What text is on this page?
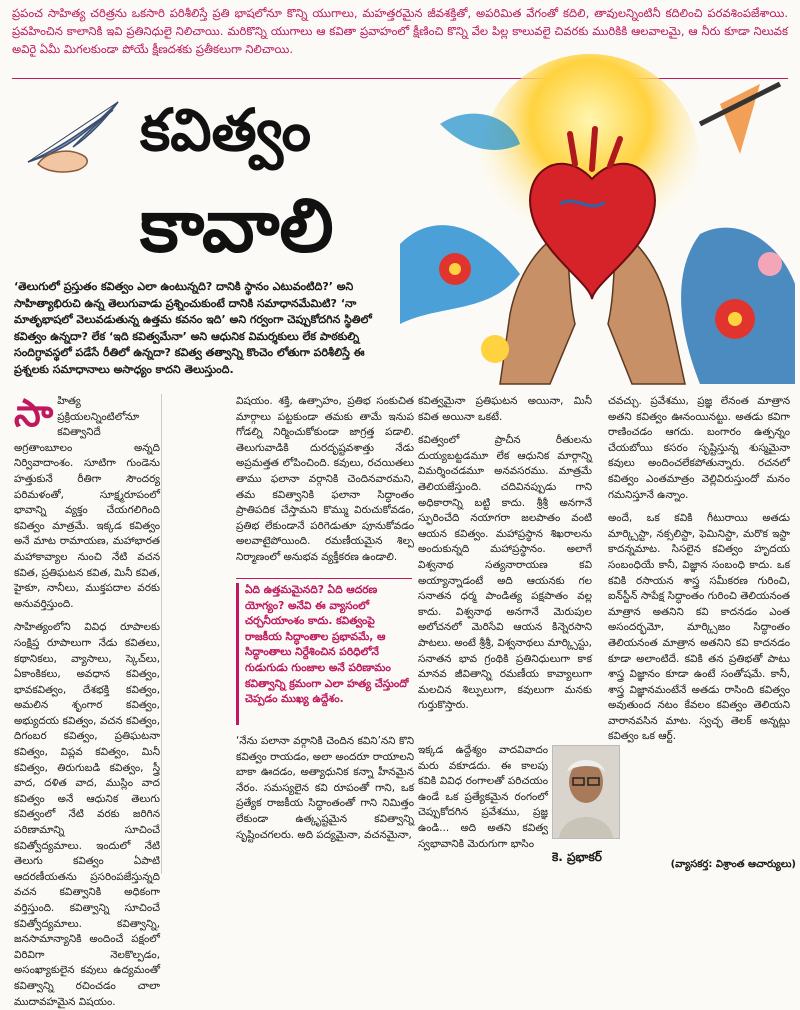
ప్రపంచ సాహిత్య చరిత్రను ఒకసారి పరిశీలిస్తే ప్రతి భాషలోనూ కొన్ని యుగాలు, మహత్తరమైన జీవశక్తితో, అపరిమిత వేగంతో కదిలి, తావులన్నింటినీ కదిలించి పరవశింపజేశాయి. ప్రవహించిన కాలానికి ఇవి ప్రతినిధులై నిలిచాయి. మరికొన్ని యుగాలు ఆ కవితా ప్రవాహంలో క్షీణించి కొన్ని వేల పిల్ల కాలువలై చివరకు మురికికి ఆలవాలమై, ఆ నీరు కూడా నిలువక అవిరై ఏమీ మిగలకుండా పోయే క్షీణదశకు ప్రతీకలుగా నిలిచాయి.
కవిత్వం
కావాలి
‘తెలుగులో ప్రస్తుతం కవిత్వం ఎలా ఉంటున్నది? దానికి స్థానం ఎటువంటిది?’ అని సాహిత్యాభిరుచి ఉన్న తెలుగువాడు ప్రశ్నించుకుంటే దానికి సమాధానమేమిటి? ‘నా మాతృభాషలో వెలువడుతున్న ఉత్తమ కవనం ఇది’ అని గర్వంగా చెప్పుకోదగిన స్థితిలో కవిత్వం ఉన్నదా? లేక ‘ఇది కవిత్వమేనా’ అని ఆధునిక విమర్శకులు లేక పాఠకుల్ని సందిగ్ధావస్థలో పడేసే రీతిలో ఉన్నదా? కవిత్వ తత్వాన్ని కొంచెం లోతుగా పరిశీలిస్తే ఈ ప్రశ్నలకు సమాధానాలు అసాధ్యం కాదని తెలుస్తుంది.

సాహిత్య ప్రక్రియలన్నింటిలోనూ కవిత్వానిదే అగ్రతాంబూలం అన్నది నిర్వివాదాంశం. సూటిగా గుండెను హత్తుకునే రీతిగా సౌందర్య పరిమళంతో, సూక్ష్మరూపంలో భావాన్ని వ్యక్తం చేయగలిగింది కవిత్వం మాత్రమే. ఇక్కడ కవిత్వం అనే మాట రామాయణ, మహాభారత మహాకావ్యాల నుంచి నేటి వచన కవిత, ప్రతిఘటన కవిత, మినీ కవిత, హైకూ, నానీలు, ముక్తపదాల వరకు అనువర్తిస్తుంది.

సాహిత్యంలోని వివిధ రూపాలకు సంక్షిప్త రూపాలుగా నేడు కవితలు, కథానికలు, వ్యాసాలు, స్కెచ్‌లు, ఏకాంకికలు, అవధాన కవిత్వం, భావకవిత్వం, దేశభక్తి కవిత్వం, అమలిన శృంగార కవిత్వం, అభ్యుదయ కవిత్వం, వచన కవిత్వం, దిగంబర కవిత్వం, ప్రతిఘటనా కవిత్వం, విప్లవ కవిత్వం, మినీ కవిత్వం, తిరుగుబడి కవిత్వం, స్త్రీ వాద, దళిత వాద, ముస్లిం వాద కవిత్వం అనే ఆధునిక తెలుగు కవిత్వంలో నేటి వరకు జరిగిన పరిణామాన్ని సూచించే కవిత్వోద్యమాలు. ఇందులో నేటి తెలుగు కవిత్వం ఏపాటి ఆదరణీయతను ప్రసరింపజేస్తున్నది వచన కవిత్వానికి అధికంగా వర్తిస్తుంది. కవిత్వాన్ని సూచించే కవిత్వోద్యమాలు. కవిత్వాన్ని, జనసామాన్యానికి అందించే పక్షంలో విరివిగా నెలకొల్పడం, అసంఖ్యాకులైన కవులు ఉద్యమంతో కవిత్వాన్ని రచించడం చాలా ముదావహమైన విషయం.

విషయం. శక్తి, ఉత్సాహం, ప్రతిభ సంకుచిత మార్గాలు పట్టకుండా తమకు తామే ఇనుప గోడల్ని నిర్మించుకోకుండా జాగ్రత్త పడాలి. తెలుగువాడికి దురదృష్టవశాత్తు నేడు అప్రమత్తత లోపించింది. కవులు, రచయితలు తాము ఫలానా వర్గానికి చెందినవారమని, తమ కవిత్వానికి ఫలానా సిద్ధాంతం ప్రాతిపదిక చేస్తామని కొమ్ము విరుచుకోవడం, ప్రతిభ లేకుండానే పరిగెడుతూ పూనుకోవడం అలవాటైపోయింది. రమణీయమైన శిల్ప నిర్మాణంలో అనుభవ వ్యక్తీకరణ ఉండాలి.

ఏది ఉత్తమమైనది? ఏది ఆదరణ యోగ్యం? అనేవి ఈ వ్యాసంలో చర్చనీయాంశం కాదు. కవిత్వంపై రాజకీయ సిద్ధాంతాల ప్రభావమే, ఆ సిద్ధాంతాలు నిర్దేశించిన పరిధిలోనే గుడుగుడు గుంజాల అనే పరిణామం కవిత్వాన్ని క్రమంగా ఎలా హత్య చేస్తుందో చెప్పడం ముఖ్య ఉద్దేశం.

‘నేను పలానా వర్గానికి చెందిన కవిని’నని కొని కవిత్వం రాయడం, అలా అందరూ రాయాలని బాకా ఊదడం, అత్యాధునిక కన్నా హీనమైన నేరం. సమస్యలైన కవి రూపంతో గాని, ఒక ప్రత్యేక రాజకీయ సిద్ధాంతంతో గాని నిమిత్తం లేకుండా ఉత్కృష్టమైన కవిత్వాన్ని సృష్టించగలరు. అది పద్యమైనా, వచనమైనా,

కవిత్వమైనా ప్రతిఘటన అయినా, మినీ కవిత అయినా ఒకటే.

కవిత్వంలో ప్రాచీన రీతులను దుయ్యబట్టడమూ లేక ఆధునిక మార్గాన్ని విమర్శించడమూ అనవసరము. మాత్రమే తెలియజేస్తుంది. చదివినప్పుడు గాని అధికారాన్ని బట్టి కాదు. శ్రీశ్రీ అనగానే స్ఫురించేది నయాగరా జలపాతం వంటి ఆయన కవిత్వం. మహాప్రస్థాన శిఖరాలను అందుకున్నది మహాప్రస్థానం. అలాగే విశ్వనాథ సత్యనారాయణ కవి అయ్యాన్నాడంటే అది ఆయనకు గల సనాతన ధర్మ పాండిత్య పక్షపాతం వల్ల కాదు. విశ్వనాథ అనగానే మెరుపుల అలోచనలో మెరిసేవి ఆయన కిన్నెరసాని పాటలు. అంటే శ్రీశ్రీ, విశ్వనాథలు మార్క్సిస్టు, సనాతన భావ గ్రంథికి ప్రతినిధులుగా కాక మానవ జీవితాన్ని రమణీయ కావ్యాలుగా మలచిన శిల్పులుగా, కవులుగా మనకు గుర్తుకొస్తారు.

ఇక్కడ ఉద్దేశ్యం వాదవివాదం మరు వకూడదు. ఈ కాలపు కవికి వివిధ రంగాలతో పరిచయం ఉండే ఒక ప్రత్యేకమైన రంగంలో చెప్పుకోదగిన ప్రవేశము, ప్రజ్ఞ ఉండి... అది అతని కవిత్వ స్వభావానికి మెరుగుగా భాసిం

కె. ప్రభాకర్

చవచ్చు. ప్రవేశము, ప్రజ్ఞ లేనంత మాత్రాన అతని కవిత్వం ఊనంయినట్టు. అతడు కవిగా రాణించడం ఆగదు. బంగారం ఉత్పన్నం చేయబోయి కసరం సృష్టిస్తున్న శుస్మమైనా కవులు అందించలేకపోతున్నారు. రచనలో కవిత్వం ఎంతమాత్రం వెల్లివిరుస్తుందో మనం గమనిస్తూనే ఉన్నాం.

అందే, ఒక కవికి గీటురాయి అతడు మార్క్సిస్టా, నక్సలిస్టా, ఫెమినిస్టా, మరొక ఇస్టా కాదన్నమాట. సిసలైన కవిత్వం హృదయ సంబంధియే కానీ, విజ్ఞాన సంబంధి కాదు. ఒక కవికి రసాయన శాస్త్ర సమీకరణ గురించి, ఐన్‌స్టీన్ సాపేక్ష సిద్ధాంతం గురించి తెలియనంత మాత్రాన అతనిని కవి కాదనడం ఎంత అసందర్భమో, మార్క్సిజం సిద్ధాంతం తెలియనంత మాత్రాన అతనిని కవి కాదనడం కూడా అలాంటిదే. కవికి తన ప్రతిభతో పాటు శాస్త్ర విజ్ఞానం కూడా ఉంటే సంతోషమే. కానీ, శాస్త్ర విజ్ఞానమంటేనే అతడు రాసింది కవిత్వం అవుతుంద నటం కేవలం కవిత్వం తెలియని వారానవసిన మాట. స్వచ్ఛ తెలక్ అన్నట్లు కవిత్వం ఒక ఆర్ట్.

(వ్యాసకర్త: విశ్రాంత ఆచార్యులు)
